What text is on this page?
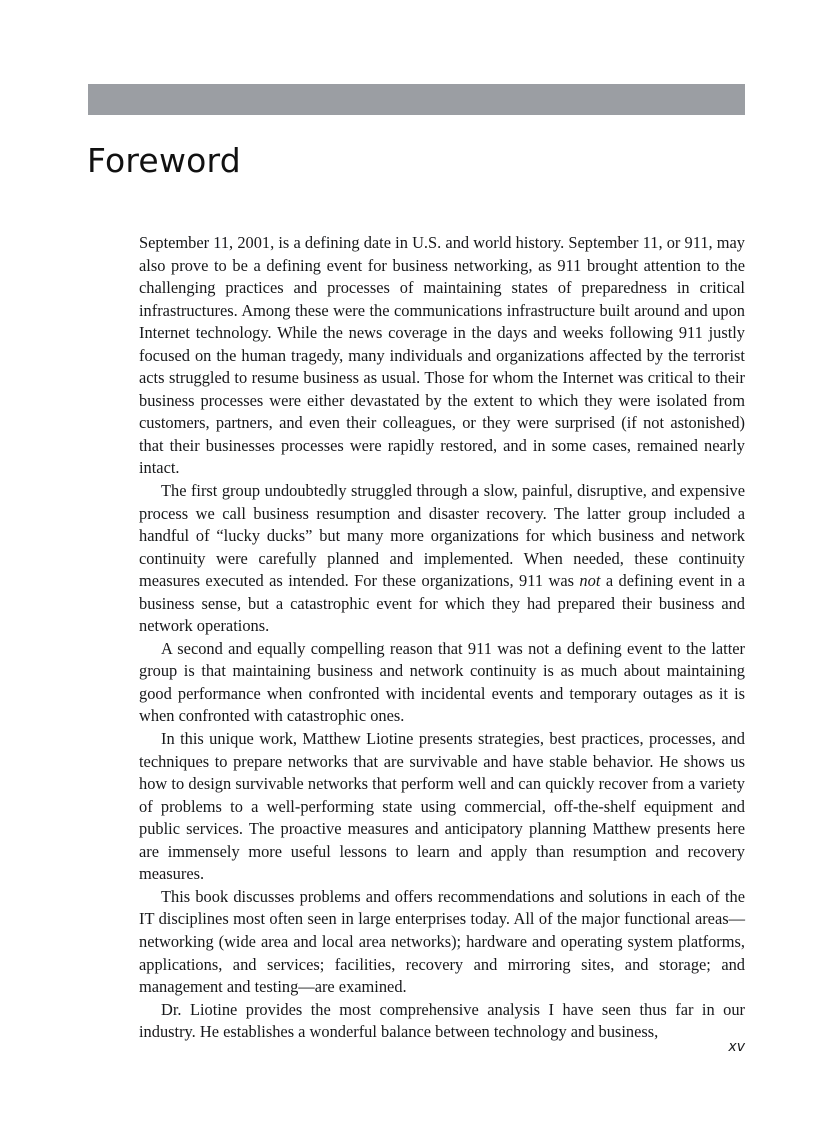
Foreword

September 11, 2001, is a defining date in U.S. and world history. September 11, or 911, may also prove to be a defining event for business networking, as 911 brought attention to the challenging practices and processes of maintaining states of preparedness in critical infrastructures. Among these were the communications infrastructure built around and upon Internet technology. While the news coverage in the days and weeks following 911 justly focused on the human tragedy, many individuals and organizations affected by the terrorist acts struggled to resume business as usual. Those for whom the Internet was critical to their business processes were either devastated by the extent to which they were isolated from customers, partners, and even their colleagues, or they were surprised (if not astonished) that their businesses processes were rapidly restored, and in some cases, remained nearly intact.

The first group undoubtedly struggled through a slow, painful, disruptive, and expensive process we call business resumption and disaster recovery. The latter group included a handful of “lucky ducks” but many more organizations for which business and network continuity were carefully planned and implemented. When needed, these continuity measures executed as intended. For these organizations, 911 was not a defining event in a business sense, but a catastrophic event for which they had prepared their business and network operations.

A second and equally compelling reason that 911 was not a defining event to the latter group is that maintaining business and network continuity is as much about maintaining good performance when confronted with incidental events and temporary outages as it is when confronted with catastrophic ones.

In this unique work, Matthew Liotine presents strategies, best practices, processes, and techniques to prepare networks that are survivable and have stable behavior. He shows us how to design survivable networks that perform well and can quickly recover from a variety of problems to a well-performing state using commercial, off-the-shelf equipment and public services. The proactive measures and anticipatory planning Matthew presents here are immensely more useful lessons to learn and apply than resumption and recovery measures.

This book discusses problems and offers recommendations and solutions in each of the IT disciplines most often seen in large enterprises today. All of the major functional areas—networking (wide area and local area networks); hardware and operating system platforms, applications, and services; facilities, recovery and mirroring sites, and storage; and management and testing—are examined.

Dr. Liotine provides the most comprehensive analysis I have seen thus far in our industry. He establishes a wonderful balance between technology and business,

xv
